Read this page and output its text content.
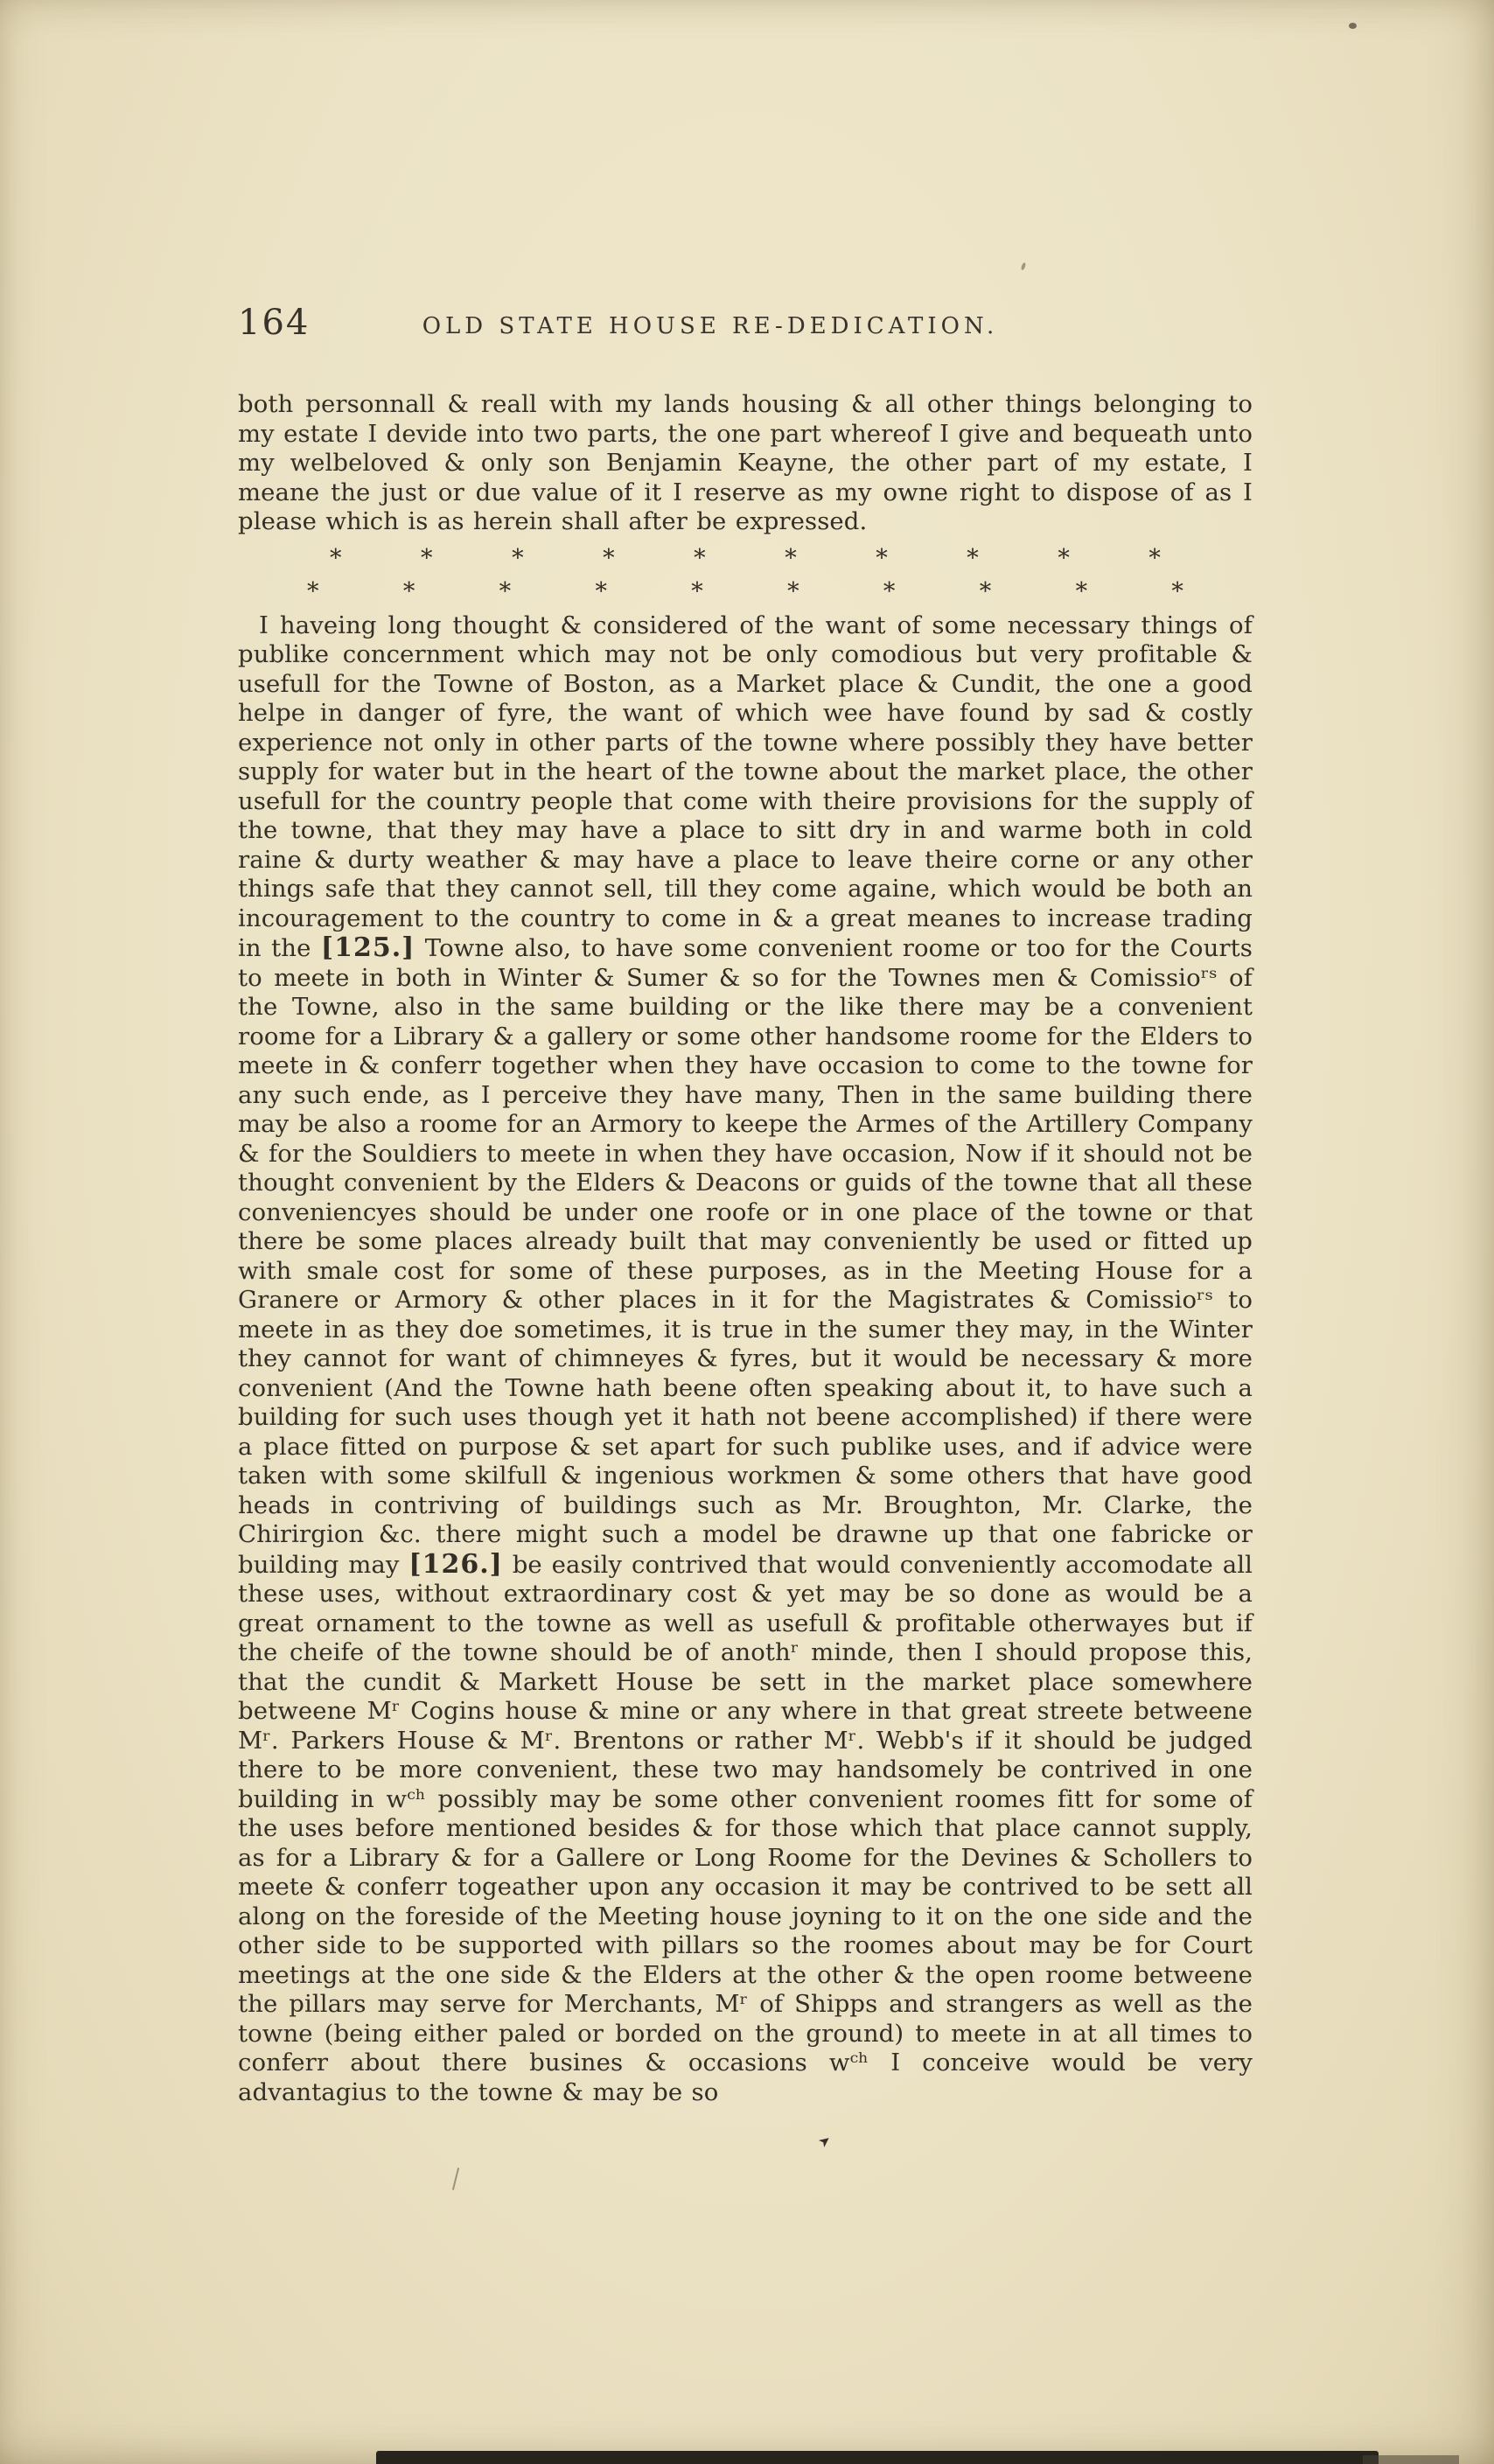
164	OLD STATE HOUSE RE-DEDICATION.

both personnall & reall with my lands housing & all other things belonging to my estate I devide into two parts, the one part whereof I give and bequeath unto my welbeloved & only son Benjamin Keayne, the other part of my estate, I meane the just or due value of it I reserve as my owne right to dispose of as I please which is as herein shall after be expressed.

* * * * * * * * * *
* * * * * * * * * *

I haveing long thought & considered of the want of some necessary things of publike concernment which may not be only comodious but very profitable & usefull for the Towne of Boston, as a Market place & Cundit, the one a good helpe in danger of fyre, the want of which wee have found by sad & costly experience not only in other parts of the towne where possibly they have better supply for water but in the heart of the towne about the market place, the other usefull for the country people that come with theire provisions for the supply of the towne, that they may have a place to sitt dry in and warme both in cold raine & durty weather & may have a place to leave theire corne or any other things safe that they cannot sell, till they come againe, which would be both an incouragement to the country to come in & a great meanes to increase trading in the [125.] Towne also, to have some convenient roome or too for the Courts to meete in both in Winter & Sumer & so for the Townes men & Comissioʳˢ of the Towne, also in the same building or the like there may be a convenient roome for a Library & a gallery or some other handsome roome for the Elders to meete in & conferr together when they have occasion to come to the towne for any such ende, as I perceive they have many, Then in the same building there may be also a roome for an Armory to keepe the Armes of the Artillery Company & for the Souldiers to meete in when they have occasion, Now if it should not be thought convenient by the Elders & Deacons or guids of the towne that all these conveniencyes should be under one roofe or in one place of the towne or that there be some places already built that may conveniently be used or fitted up with smale cost for some of these purposes, as in the Meeting House for a Granere or Armory & other places in it for the Magistrates & Comissioʳˢ to meete in as they doe sometimes, it is true in the sumer they may, in the Winter they cannot for want of chimneyes & fyres, but it would be necessary & more convenient (And the Towne hath beene often speaking about it, to have such a building for such uses though yet it hath not beene accomplished) if there were a place fitted on purpose & set apart for such publike uses, and if advice were taken with some skilfull & ingenious workmen & some others that have good heads in contriving of buildings such as Mr. Broughton, Mr. Clarke, the Chirirgion &c. there might such a model be drawne up that one fabricke or building may [126.] be easily contrived that would conveniently accomodate all these uses, without extraordinary cost & yet may be so done as would be a great ornament to the towne as well as usefull & profitable otherwayes but if the cheife of the towne should be of anothʳ minde, then I should propose this, that the cundit & Markett House be sett in the market place somewhere betweene Mʳ Cogins house & mine or any where in that great streete betweene Mʳ. Parkers House & Mʳ. Brentons or rather Mʳ. Webb's if it should be judged there to be more convenient, these two may handsomely be contrived in one building in wᶜʰ possibly may be some other convenient roomes fitt for some of the uses before mentioned besides & for those which that place cannot supply, as for a Library & for a Gallere or Long Roome for the Devines & Schollers to meete & conferr togeather upon any occasion it may be contrived to be sett all along on the foreside of the Meeting house joyning to it on the one side and the other side to be supported with pillars so the roomes about may be for Court meetings at the one side & the Elders at the other & the open roome betweene the pillars may serve for Merchants, Mʳ of Shipps and strangers as well as the towne (being either paled or borded on the ground) to meete in at all times to conferr about there busines & occasions wᶜʰ I conceive would be very advantagius to the towne & may be so

➤
